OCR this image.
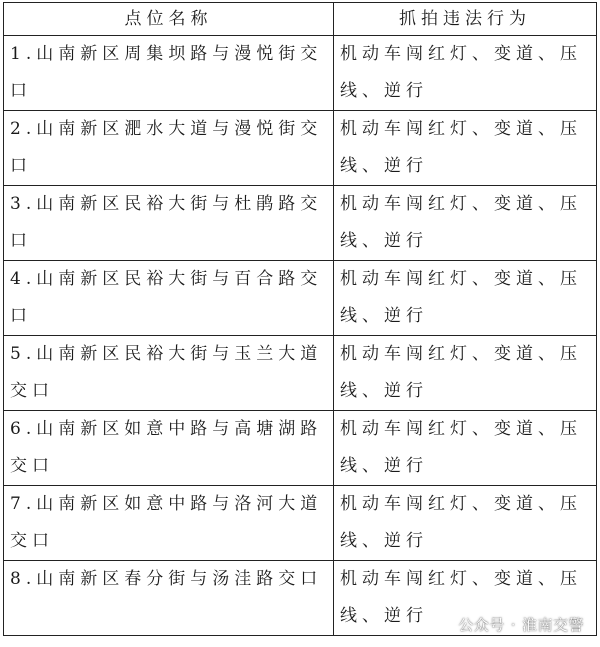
点位名称	抓拍违法行为
1.山南新区周集坝路与漫悦街交口	机动车闯红灯、变道、压线、逆行
2.山南新区淝水大道与漫悦街交口	机动车闯红灯、变道、压线、逆行
3.山南新区民裕大街与杜鹃路交口	机动车闯红灯、变道、压线、逆行
4.山南新区民裕大街与百合路交口	机动车闯红灯、变道、压线、逆行
5.山南新区民裕大街与玉兰大道交口	机动车闯红灯、变道、压线、逆行
6.山南新区如意中路与高塘湖路交口	机动车闯红灯、变道、压线、逆行
7.山南新区如意中路与洛河大道交口	机动车闯红灯、变道、压线、逆行
8.山南新区春分街与汤洼路交口	机动车闯红灯、变道、压线、逆行 公众号 · 淮南交警
